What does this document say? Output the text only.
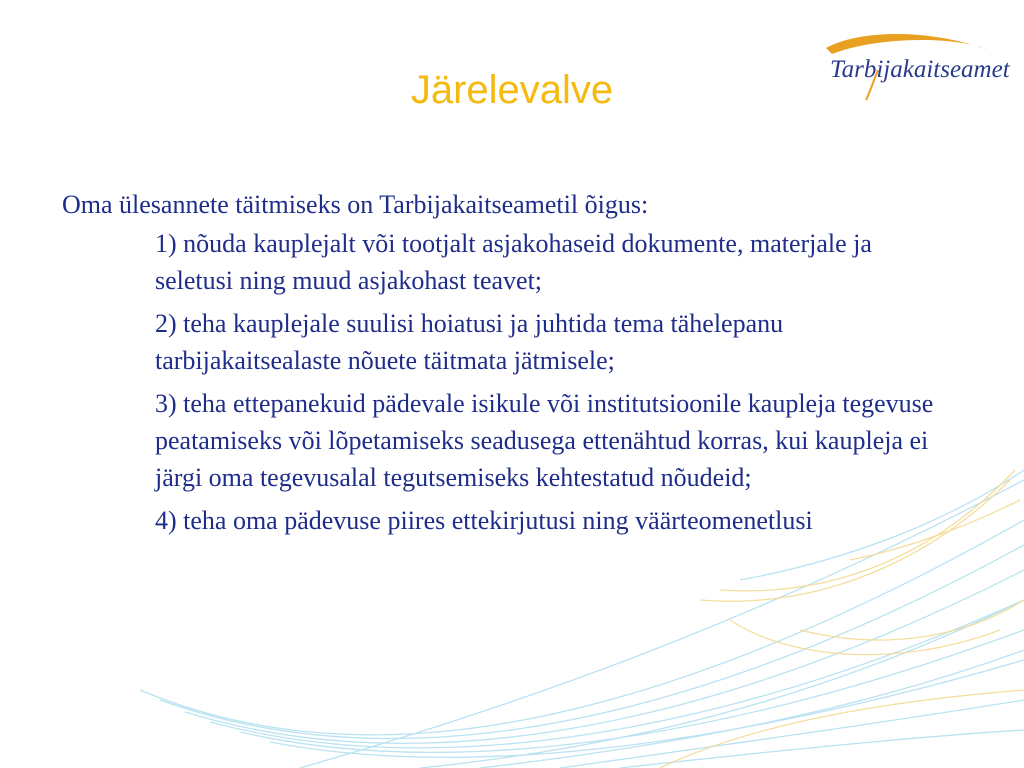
Tarbijakaitseamet
Järelevalve
Oma ülesannete täitmiseks on Tarbijakaitseametil õigus:
1) nõuda kauplejalt või tootjalt asjakohaseid dokumente, materjale ja seletusi ning muud asjakohast teavet;
2) teha kauplejale suulisi hoiatusi ja juhtida tema tähelepanu tarbijakaitsealaste nõuete täitmata jätmisele;
3) teha ettepanekuid pädevale isikule või institutsioonile kaupleja tegevuse peatamiseks või lõpetamiseks seadusega ettenähtud korras, kui kaupleja ei järgi oma tegevusalal tegutsemiseks kehtestatud nõudeid;
4) teha oma pädevuse piires ettekirjutusi ning väärteomenetlusi
